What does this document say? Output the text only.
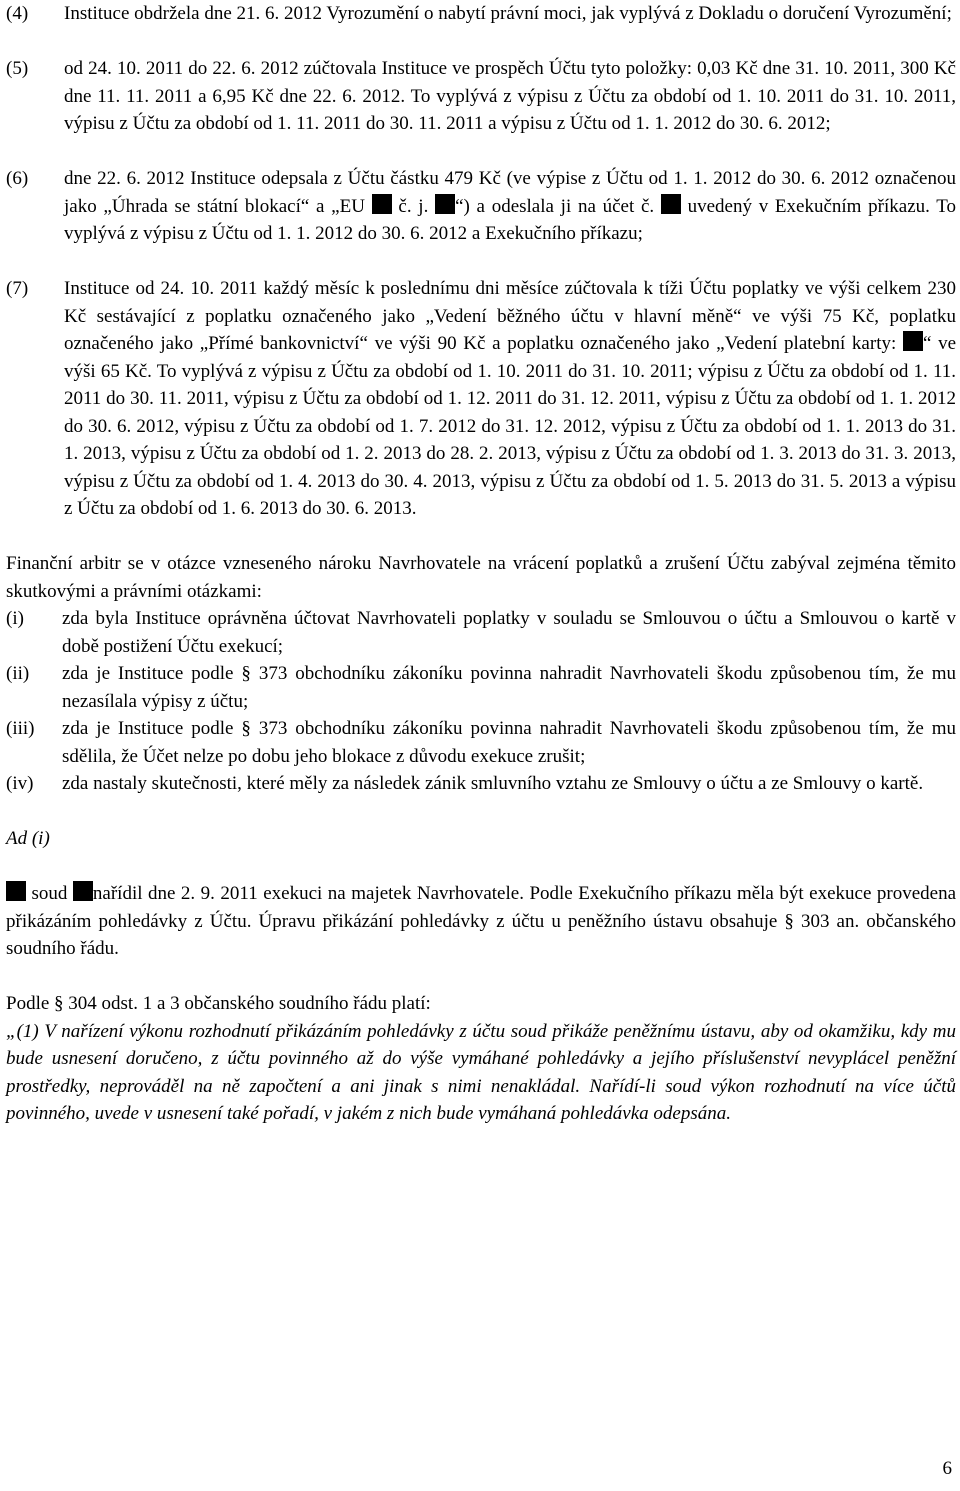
(4)	Instituce obdržela dne 21. 6. 2012 Vyrozumění o nabytí právní moci, jak vyplývá z Dokladu o doručení Vyrozumění;
(5)	od 24. 10. 2011 do 22. 6. 2012 zúčtovala Instituce ve prospěch Účtu tyto položky: 0,03 Kč dne 31. 10. 2011, 300 Kč dne 11. 11. 2011 a 6,95 Kč dne 22. 6. 2012. To vyplývá z výpisu z Účtu za období od 1. 10. 2011 do 31. 10. 2011, výpisu z Účtu za období od 1. 11. 2011 do 30. 11. 2011 a výpisu z Účtu od 1. 1. 2012 do 30. 6. 2012;
(6)	dne 22. 6. 2012 Instituce odepsala z Účtu částku 479 Kč (ve výpise z Účtu od 1. 1. 2012 do 30. 6. 2012 označenou jako „Úhrada se státní blokací“ a „EU č. j. “) a odeslala ji na účet č. uvedený v Exekučním příkazu. To vyplývá z výpisu z Účtu od 1. 1. 2012 do 30. 6. 2012 a Exekučního příkazu;
(7)	Instituce od 24. 10. 2011 každý měsíc k poslednímu dni měsíce zúčtovala k tíži Účtu poplatky ve výši celkem 230 Kč sestávající z poplatku označeného jako „Vedení běžného účtu v hlavní měně“ ve výši 75 Kč, poplatku označeného jako „Přímé bankovnictví“ ve výši 90 Kč a poplatku označeného jako „Vedení platební karty: “ ve výši 65 Kč. To vyplývá z výpisu z Účtu za období od 1. 10. 2011 do 31. 10. 2011; výpisu z Účtu za období od 1. 11. 2011 do 30. 11. 2011, výpisu z Účtu za období od 1. 12. 2011 do 31. 12. 2011, výpisu z Účtu za období od 1. 1. 2012 do 30. 6. 2012, výpisu z Účtu za období od 1. 7. 2012 do 31. 12. 2012, výpisu z Účtu za období od 1. 1. 2013 do 31. 1. 2013, výpisu z Účtu za období od 1. 2. 2013 do 28. 2. 2013, výpisu z Účtu za období od 1. 3. 2013 do 31. 3. 2013, výpisu z Účtu za období od 1. 4. 2013 do 30. 4. 2013, výpisu z Účtu za období od 1. 5. 2013 do 31. 5. 2013 a výpisu z Účtu za období od 1. 6. 2013 do 30. 6. 2013.

Finanční arbitr se v otázce vzneseného nároku Navrhovatele na vrácení poplatků a zrušení Účtu zabýval zejména těmito skutkovými a právními otázkami:

(i)	zda byla Instituce oprávněna účtovat Navrhovateli poplatky v souladu se Smlouvou o účtu a Smlouvou o kartě v době postižení Účtu exekucí;
(ii)	zda je Instituce podle § 373 obchodníku zákoníku povinna nahradit Navrhovateli škodu způsobenou tím, že mu nezasílala výpisy z účtu;
(iii)	zda je Instituce podle § 373 obchodníku zákoníku povinna nahradit Navrhovateli škodu způsobenou tím, že mu sdělila, že Účet nelze po dobu jeho blokace z důvodu exekuce zrušit;
(iv)	zda nastaly skutečnosti, které měly za následek zánik smluvního vztahu ze Smlouvy o účtu a ze Smlouvy o kartě.

Ad (i)

soud nařídil dne 2. 9. 2011 exekuci na majetek Navrhovatele. Podle Exekučního příkazu měla být exekuce provedena přikázáním pohledávky z Účtu. Úpravu přikázání pohledávky z účtu u peněžního ústavu obsahuje § 303 an. občanského soudního řádu.

Podle § 304 odst. 1 a 3 občanského soudního řádu platí:

„(1) V nařízení výkonu rozhodnutí přikázáním pohledávky z účtu soud přikáže peněžnímu ústavu, aby od okamžiku, kdy mu bude usnesení doručeno, z účtu povinného až do výše vymáhané pohledávky a jejího příslušenství nevyplácel peněžní prostředky, neprováděl na ně započtení a ani jinak s nimi nenakládal. Nařídí-li soud výkon rozhodnutí na více účtů povinného, uvede v usnesení také pořadí, v jakém z nich bude vymáhaná pohledávka odepsána.

6
